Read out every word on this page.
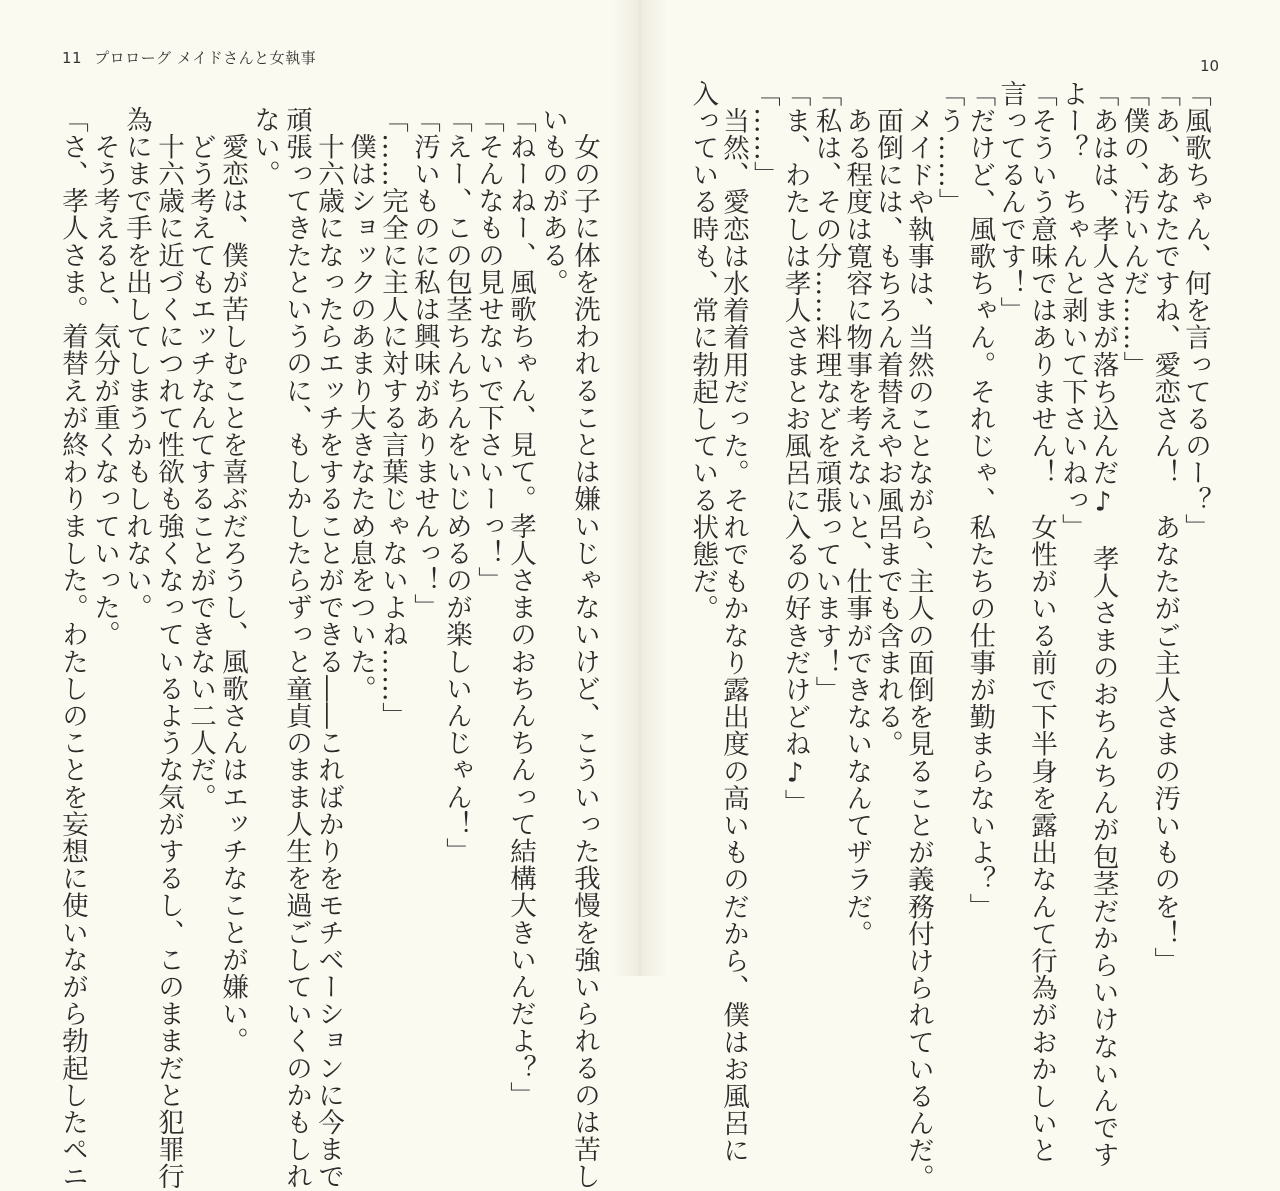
11 プロローグ メイドさんと女執事	10
「風歌ちゃん、何を言ってるのー？」
「あ、あなたですね、愛恋さん！　あなたがご主人さまの汚いものを！」
「僕の、汚いんだ……」
「あはは、孝人さまが落ち込んだ♪　孝人さまのおちんちんが包茎だからいけないんです
よー？　ちゃんと剥いて下さいねっ」
「そういう意味ではありません！　女性がいる前で下半身を露出なんて行為がおかしいと
言ってるんです！」
「だけど、風歌ちゃん。それじゃ、私たちの仕事が勤まらないよ？」
「う……」
　メイドや執事は、当然のことながら、主人の面倒を見ることが義務付けられているんだ。
　面倒には、もちろん着替えやお風呂までも含まれる。
　ある程度は寛容に物事を考えないと、仕事ができないなんてザラだ。
「私は、その分……料理などを頑張っています！」
「ま、わたしは孝人さまとお風呂に入るの好きだけどね♪」
「……」
　当然、愛恋は水着着用だった。それでもかなり露出度の高いものだから、僕はお風呂に
入っている時も、常に勃起している状態だ。
　女の子に体を洗われることは嫌いじゃないけど、こういった我慢を強いられるのは苦し
いものがある。
「ねーねー、風歌ちゃん、見て。孝人さまのおちんちんって結構大きいんだよ？」
「そんなもの見せないで下さいーっ！」
「えー、この包茎ちんちんをいじめるのが楽しいんじゃん！」
「汚いものに私は興味がありませんっ！」
「……完全に主人に対する言葉じゃないよね……」
　僕はショックのあまり大きなため息をついた。
　十六歳になったらエッチをすることができる――こればかりをモチベーションに今まで
頑張ってきたというのに、もしかしたらずっと童貞のまま人生を過ごしていくのかもしれ
ない。
　愛恋は、僕が苦しむことを喜ぶだろうし、風歌さんはエッチなことが嫌い。
　どう考えてもエッチなんてすることができない二人だ。
　十六歳に近づくにつれて性欲も強くなっているような気がするし、このままだと犯罪行
為にまで手を出してしまうかもしれない。
　そう考えると、気分が重くなっていった。
「さ、孝人さま。着替えが終わりました。わたしのことを妄想に使いながら勃起したペニ
